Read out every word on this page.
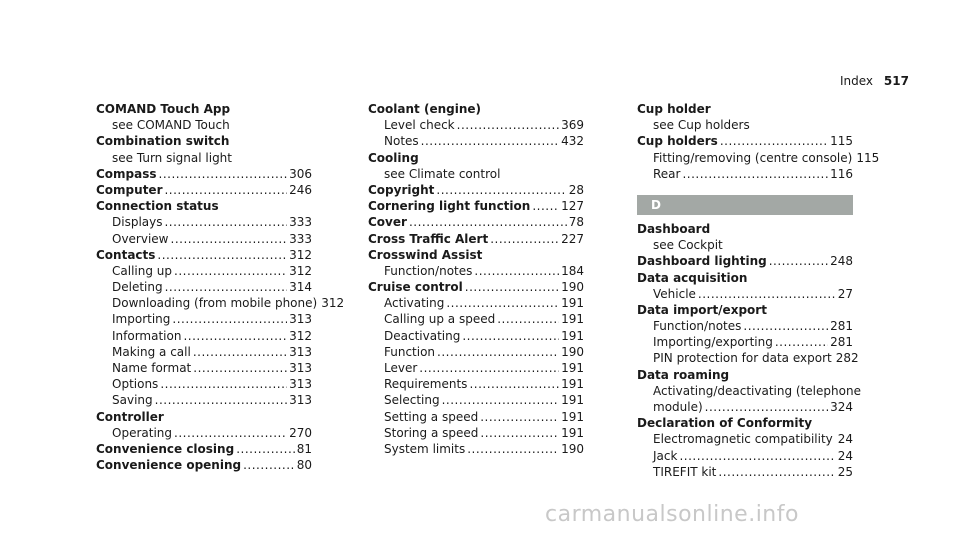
Index 517
COMAND Touch App
see COMAND Touch
Combination switch
see Turn signal light
Compass .....	306
Computer .....	246
Connection status
Displays .....	333
Overview .....	333
Contacts .....	312
Calling up .....	312
Deleting .....	314
Downloading (from mobile phone) 312
Importing .....	313
Information .....	312
Making a call .....	313
Name format .....	313
Options .....	313
Saving .....	313
Controller
Operating .....	270
Convenience closing .....	81
Convenience opening .....	80
Coolant (engine)
Level check .....	369
Notes .....	432
Cooling
see Climate control
Copyright .....	28
Cornering light function .....	127
Cover .....	78
Cross Traffic Alert .....	227
Crosswind Assist
Function/notes .....	184
Cruise control .....	190
Activating .....	191
Calling up a speed .....	191
Deactivating .....	191
Function .....	190
Lever .....	191
Requirements .....	191
Selecting .....	191
Setting a speed .....	191
Storing a speed .....	191
System limits .....	190
Cup holder
see Cup holders
Cup holders .....	115
Fitting/removing (centre console) 115
Rear .....	116
D
Dashboard
see Cockpit
Dashboard lighting .....	248
Data acquisition
Vehicle .....	27
Data import/export
Function/notes .....	281
Importing/exporting .....	281
PIN protection for data export 282
Data roaming
Activating/deactivating (telephone
module) .....	324
Declaration of Conformity
Electromagnetic compatibility ..... 24
Jack .....	24
TIREFIT kit .....	25
carmanualsonline.info
